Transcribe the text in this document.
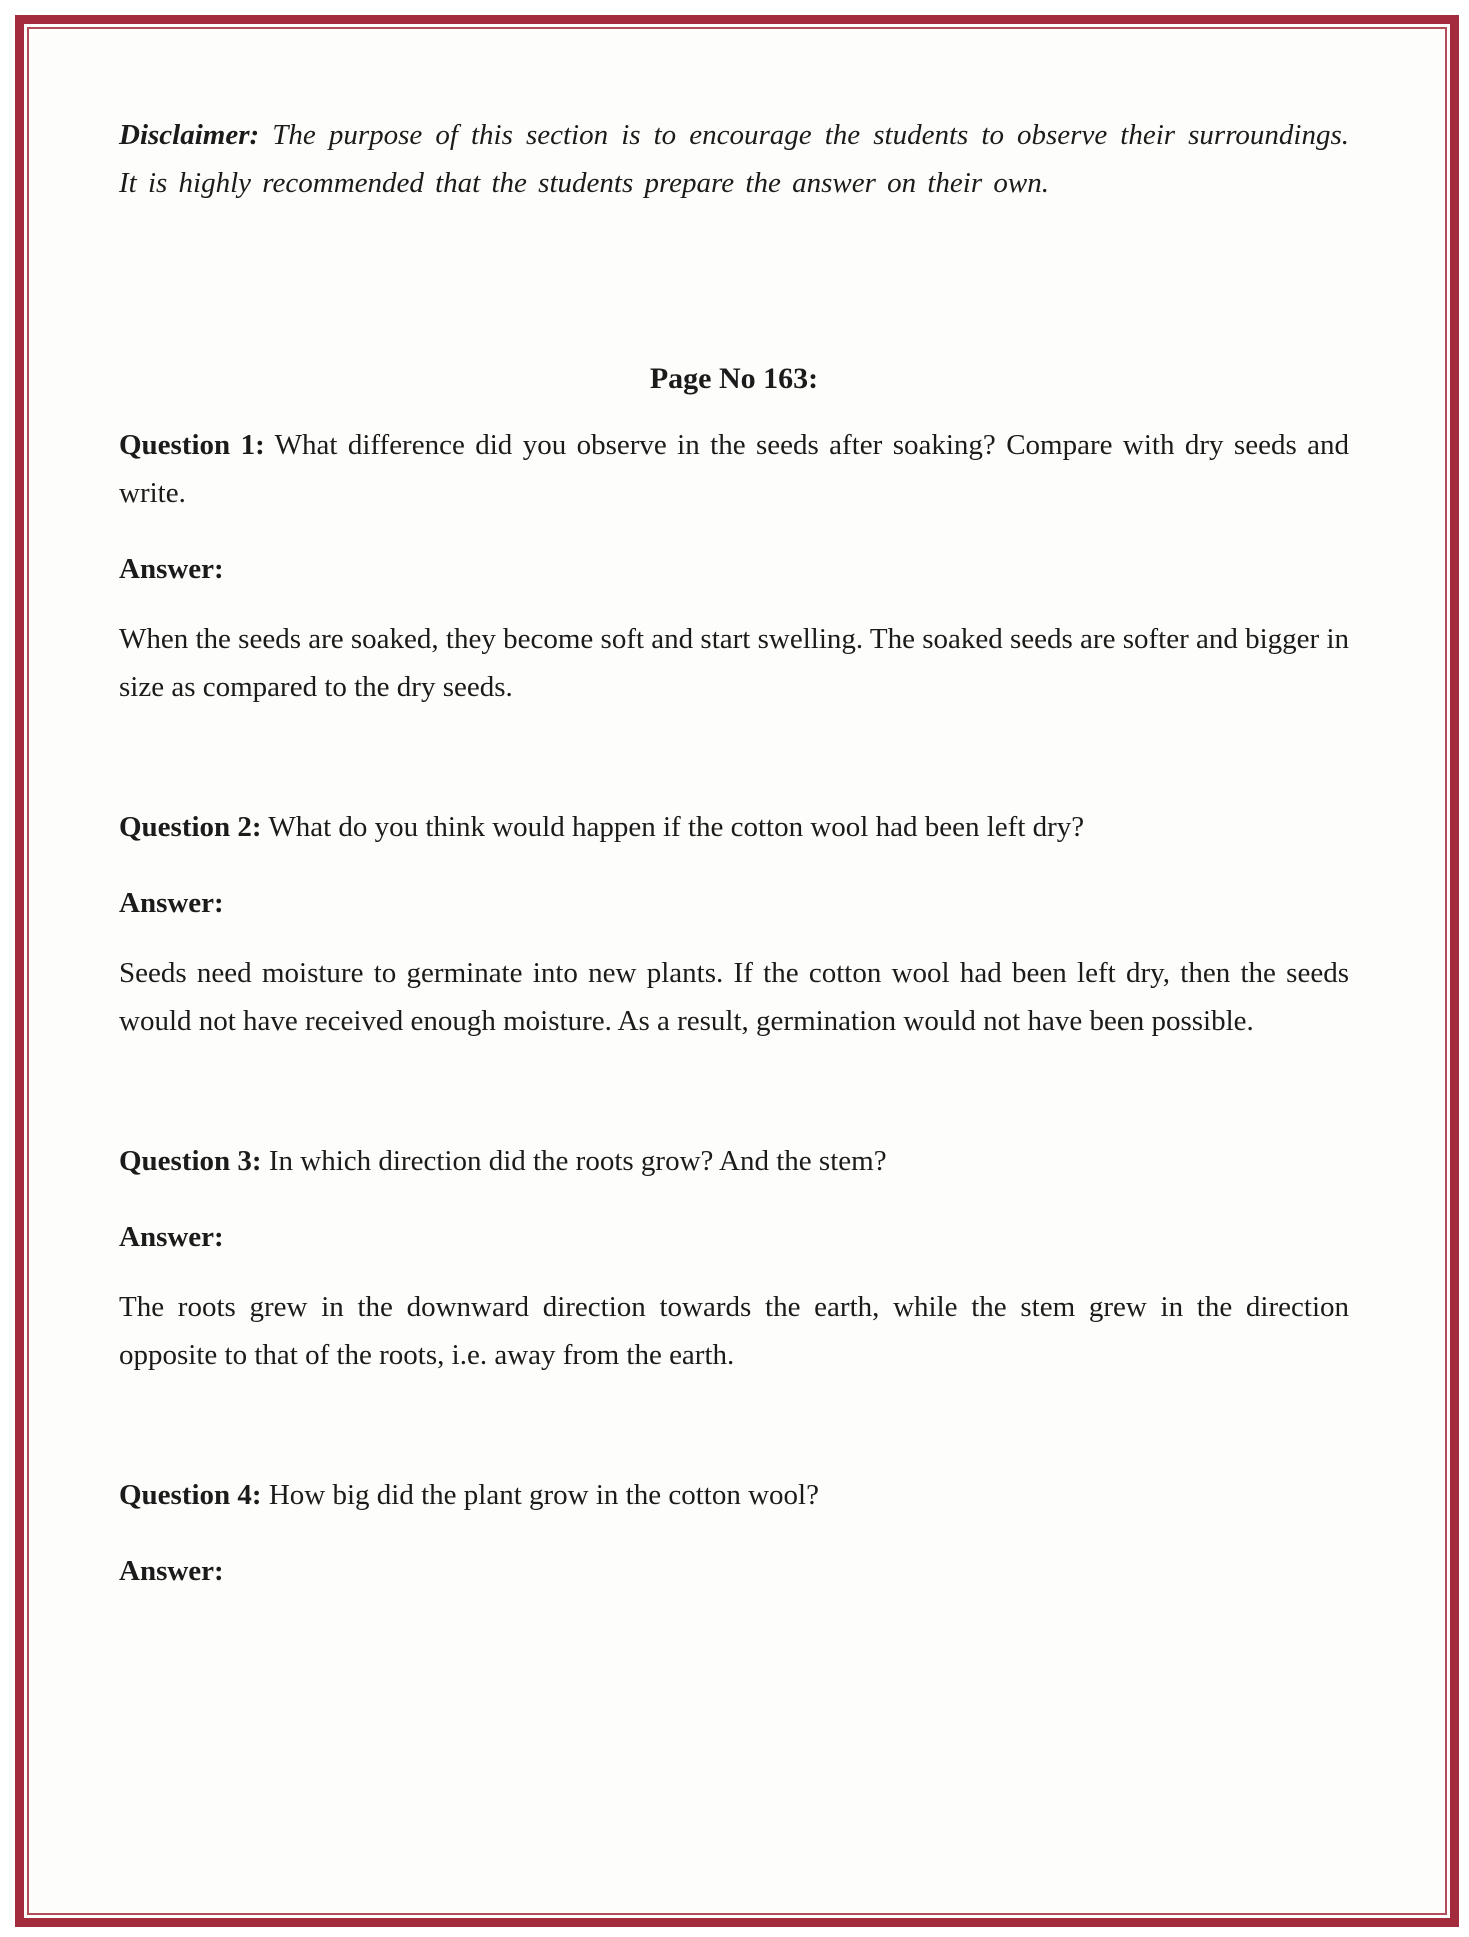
Disclaimer: The purpose of this section is to encourage the students to observe their surroundings. It is highly recommended that the students prepare the answer on their own.

Page No 163:

Question 1: What difference did you observe in the seeds after soaking? Compare with dry seeds and write.

Answer:

When the seeds are soaked, they become soft and start swelling. The soaked seeds are softer and bigger in size as compared to the dry seeds.

Question 2: What do you think would happen if the cotton wool had been left dry?

Answer:

Seeds need moisture to germinate into new plants. If the cotton wool had been left dry, then the seeds would not have received enough moisture. As a result, germination would not have been possible.

Question 3: In which direction did the roots grow? And the stem?

Answer:

The roots grew in the downward direction towards the earth, while the stem grew in the direction opposite to that of the roots, i.e. away from the earth.

Question 4: How big did the plant grow in the cotton wool?

Answer:
